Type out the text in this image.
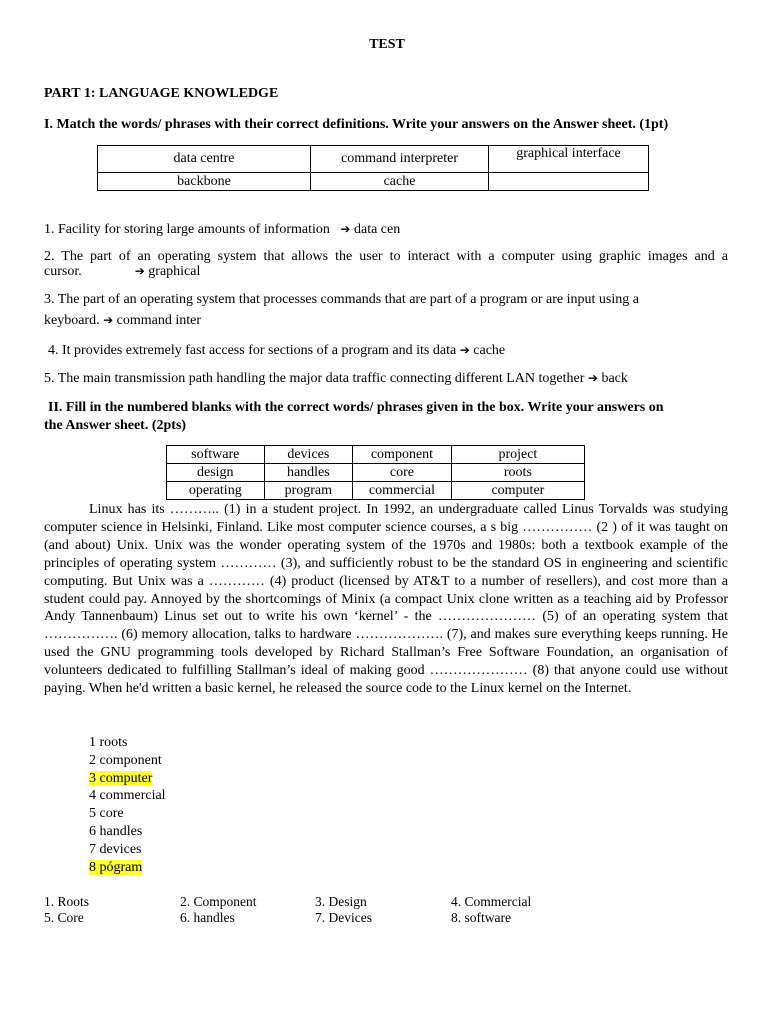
TEST
PART 1: LANGUAGE KNOWLEDGE
I. Match the words/ phrases with their correct definitions. Write your answers on the Answer sheet. (1pt)
data centre	command interpreter	graphical interface
backbone	cache	
1. Facility for storing large amounts of information ➔ data cen
2. The part of an operating system that allows the user to interact with a computer using graphic images and a
cursor.	➔ graphical
3. The part of an operating system that processes commands that are part of a program or are input using a
keyboard. ➔ command inter
4. It provides extremely fast access for sections of a program and its data ➔ cache
5. The main transmission path handling the major data traffic connecting different LAN together ➔ back
II. Fill in the numbered blanks with the correct words/ phrases given in the box. Write your answers on
the Answer sheet. (2pts)
software	devices	component	project
design	handles	core	roots
operating	program	commercial	computer
Linux has its ……….. (1) in a student project. In 1992, an undergraduate called Linus Torvalds was studying computer science in Helsinki, Finland. Like most computer science courses, a s big …………… (2 ) of it was taught on (and about) Unix. Unix was the wonder operating system of the 1970s and 1980s: both a textbook example of the principles of operating system ………… (3), and sufficiently robust to be the standard OS in engineering and scientific computing. But Unix was a ………… (4) product (licensed by AT&T to a number of resellers), and cost more than a student could pay. Annoyed by the shortcomings of Minix (a compact Unix clone written as a teaching aid by Professor Andy Tannenbaum) Linus set out to write his own ‘kernel’ - the ………………… (5) of an operating system that ……………. (6) memory allocation, talks to hardware ………………. (7), and makes sure everything keeps running. He used the GNU programming tools developed by Richard Stallman’s Free Software Foundation, an organisation of volunteers dedicated to fulfilling Stallman’s ideal of making good ………………… (8) that anyone could use without paying. When he'd written a basic kernel, he released the source code to the Linux kernel on the Internet.
1 roots
2 component
3 computer
4 commercial
5 core
6 handles
7 devices
8 pógram
1. Roots	2. Component	3. Design	4. Commercial
5. Core	6. handles	7. Devices	8. software
